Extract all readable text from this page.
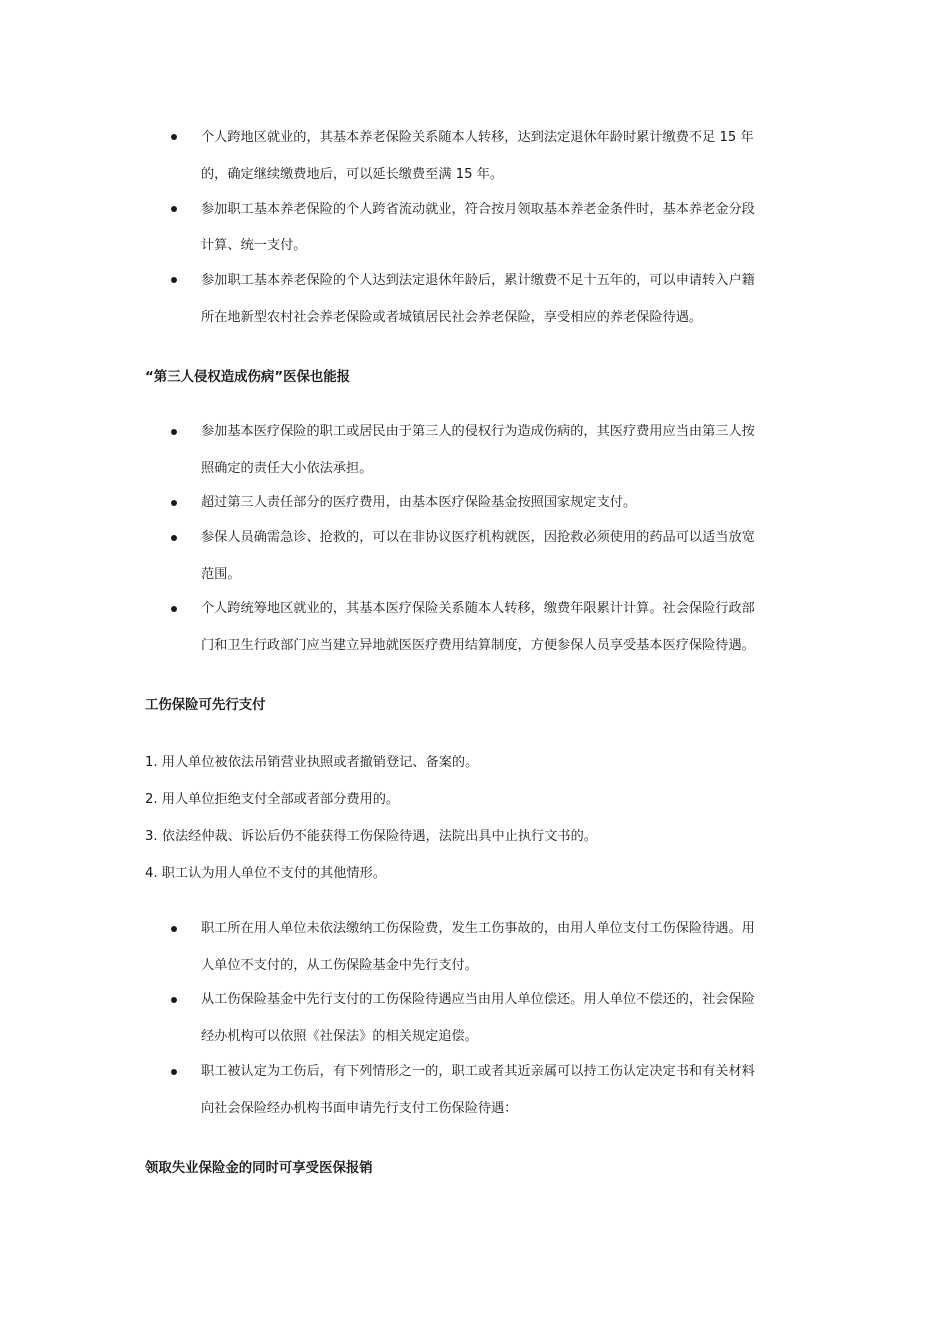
个人跨地区就业的，其基本养老保险关系随本人转移，达到法定退休年龄时累计缴费不足 15 年
的，确定继续缴费地后，可以延长缴费至满 15 年。
参加职工基本养老保险的个人跨省流动就业，符合按月领取基本养老金条件时，基本养老金分段
计算、统一支付。
参加职工基本养老保险的个人达到法定退休年龄后，累计缴费不足十五年的，可以申请转入户籍
所在地新型农村社会养老保险或者城镇居民社会养老保险，享受相应的养老保险待遇。
“第三人侵权造成伤病”医保也能报
参加基本医疗保险的职工或居民由于第三人的侵权行为造成伤病的，其医疗费用应当由第三人按
照确定的责任大小依法承担。
超过第三人责任部分的医疗费用，由基本医疗保险基金按照国家规定支付。
参保人员确需急诊、抢救的，可以在非协议医疗机构就医，因抢救必须使用的药品可以适当放宽
范围。
个人跨统筹地区就业的，其基本医疗保险关系随本人转移，缴费年限累计计算。社会保险行政部
门和卫生行政部门应当建立异地就医医疗费用结算制度，方便参保人员享受基本医疗保险待遇。
工伤保险可先行支付
1. 用人单位被依法吊销营业执照或者撤销登记、备案的。
2. 用人单位拒绝支付全部或者部分费用的。
3. 依法经仲裁、诉讼后仍不能获得工伤保险待遇，法院出具中止执行文书的。
4. 职工认为用人单位不支付的其他情形。
职工所在用人单位未依法缴纳工伤保险费，发生工伤事故的，由用人单位支付工伤保险待遇。用
人单位不支付的，从工伤保险基金中先行支付。
从工伤保险基金中先行支付的工伤保险待遇应当由用人单位偿还。用人单位不偿还的，社会保险
经办机构可以依照《社保法》的相关规定追偿。
职工被认定为工伤后，有下列情形之一的，职工或者其近亲属可以持工伤认定决定书和有关材料
向社会保险经办机构书面申请先行支付工伤保险待遇：
领取失业保险金的同时可享受医保报销
